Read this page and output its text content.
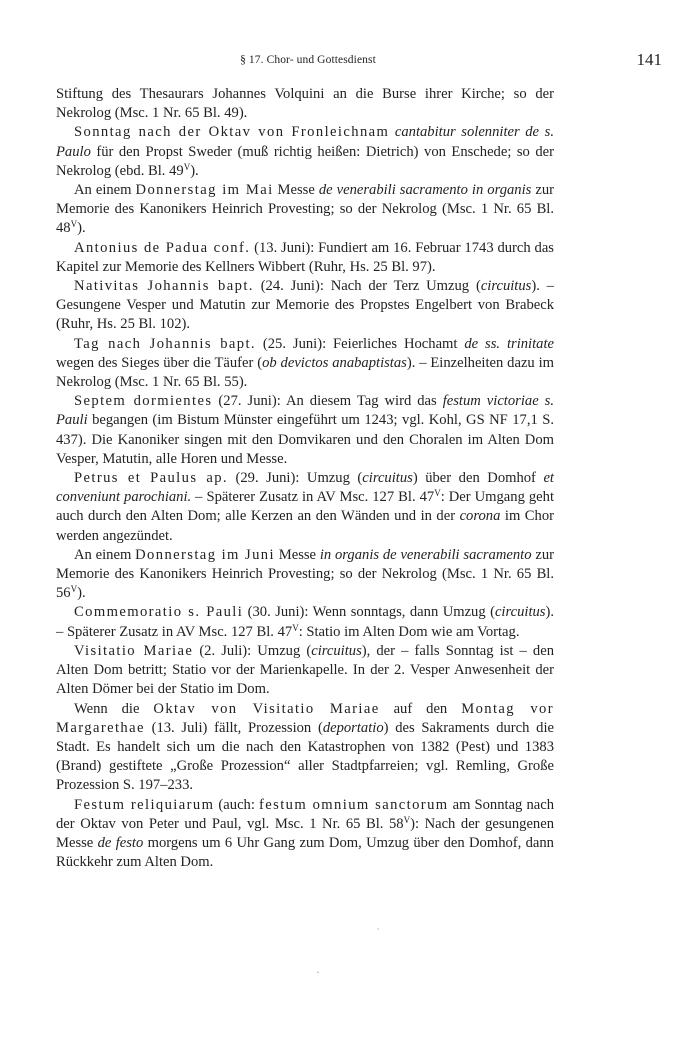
§ 17. Chor- und Gottesdienst	141

Stiftung des Thesaurars Johannes Volquini an die Burse ihrer Kirche; so der Nekrolog (Msc. 1 Nr. 65 Bl. 49).

Sonntag nach der Oktav von Fronleichnam cantabitur solenniter de s. Paulo für den Propst Sweder (muß richtig heißen: Dietrich) von Enschede; so der Nekrolog (ebd. Bl. $49^V$).

An einem Donnerstag im Mai Messe de venerabili sacramento in organis zur Memorie des Kanonikers Heinrich Provesting; so der Nekrolog (Msc. 1 Nr. 65 Bl. $48^V$).

Antonius de Padua conf. (13. Juni): Fundiert am 16. Februar 1743 durch das Kapitel zur Memorie des Kellners Wibbert (Ruhr, Hs. 25 Bl. 97).

Nativitas Johannis bapt. (24. Juni): Nach der Terz Umzug (circuitus). – Gesungene Vesper und Matutin zur Memorie des Propstes Engelbert von Brabeck (Ruhr, Hs. 25 Bl. 102).

Tag nach Johannis bapt. (25. Juni): Feierliches Hochamt de ss. trinitate wegen des Sieges über die Täufer (ob devictos anabaptistas). – Einzelheiten dazu im Nekrolog (Msc. 1 Nr. 65 Bl. 55).

Septem dormientes (27. Juni): An diesem Tag wird das festum victoriae s. Pauli begangen (im Bistum Münster eingeführt um 1243; vgl. Kohl, GS NF 17,1 S. 437). Die Kanoniker singen mit den Domvikaren und den Choralen im Alten Dom Vesper, Matutin, alle Horen und Messe.

Petrus et Paulus ap. (29. Juni): Umzug (circuitus) über den Domhof et conveniunt parochiani. – Späterer Zusatz in AV Msc. 127 Bl. $47^V$: Der Umgang geht auch durch den Alten Dom; alle Kerzen an den Wänden und in der corona im Chor werden angezündet.

An einem Donnerstag im Juni Messe in organis de venerabili sacramento zur Memorie des Kanonikers Heinrich Provesting; so der Nekrolog (Msc. 1 Nr. 65 Bl. $56^V$).

Commemoratio s. Pauli (30. Juni): Wenn sonntags, dann Umzug (circuitus). – Späterer Zusatz in AV Msc. 127 Bl. $47^V$: Statio im Alten Dom wie am Vortag.

Visitatio Mariae (2. Juli): Umzug (circuitus), der – falls Sonntag ist – den Alten Dom betritt; Statio vor der Marienkapelle. In der 2. Vesper Anwesenheit der Alten Dömer bei der Statio im Dom.

Wenn die Oktav von Visitatio Mariae auf den Montag vor Margarethae (13. Juli) fällt, Prozession (deportatio) des Sakraments durch die Stadt. Es handelt sich um die nach den Katastrophen von 1382 (Pest) und 1383 (Brand) gestiftete „Große Prozession“ aller Stadtpfarreien; vgl. Remling, Große Prozession S. 197–233.

Festum reliquiarum (auch: festum omnium sanctorum am Sonntag nach der Oktav von Peter und Paul, vgl. Msc. 1 Nr. 65 Bl. $58^V$): Nach der gesungenen Messe de festo morgens um 6 Uhr Gang zum Dom, Umzug über den Domhof, dann Rückkehr zum Alten Dom.

˙
·
